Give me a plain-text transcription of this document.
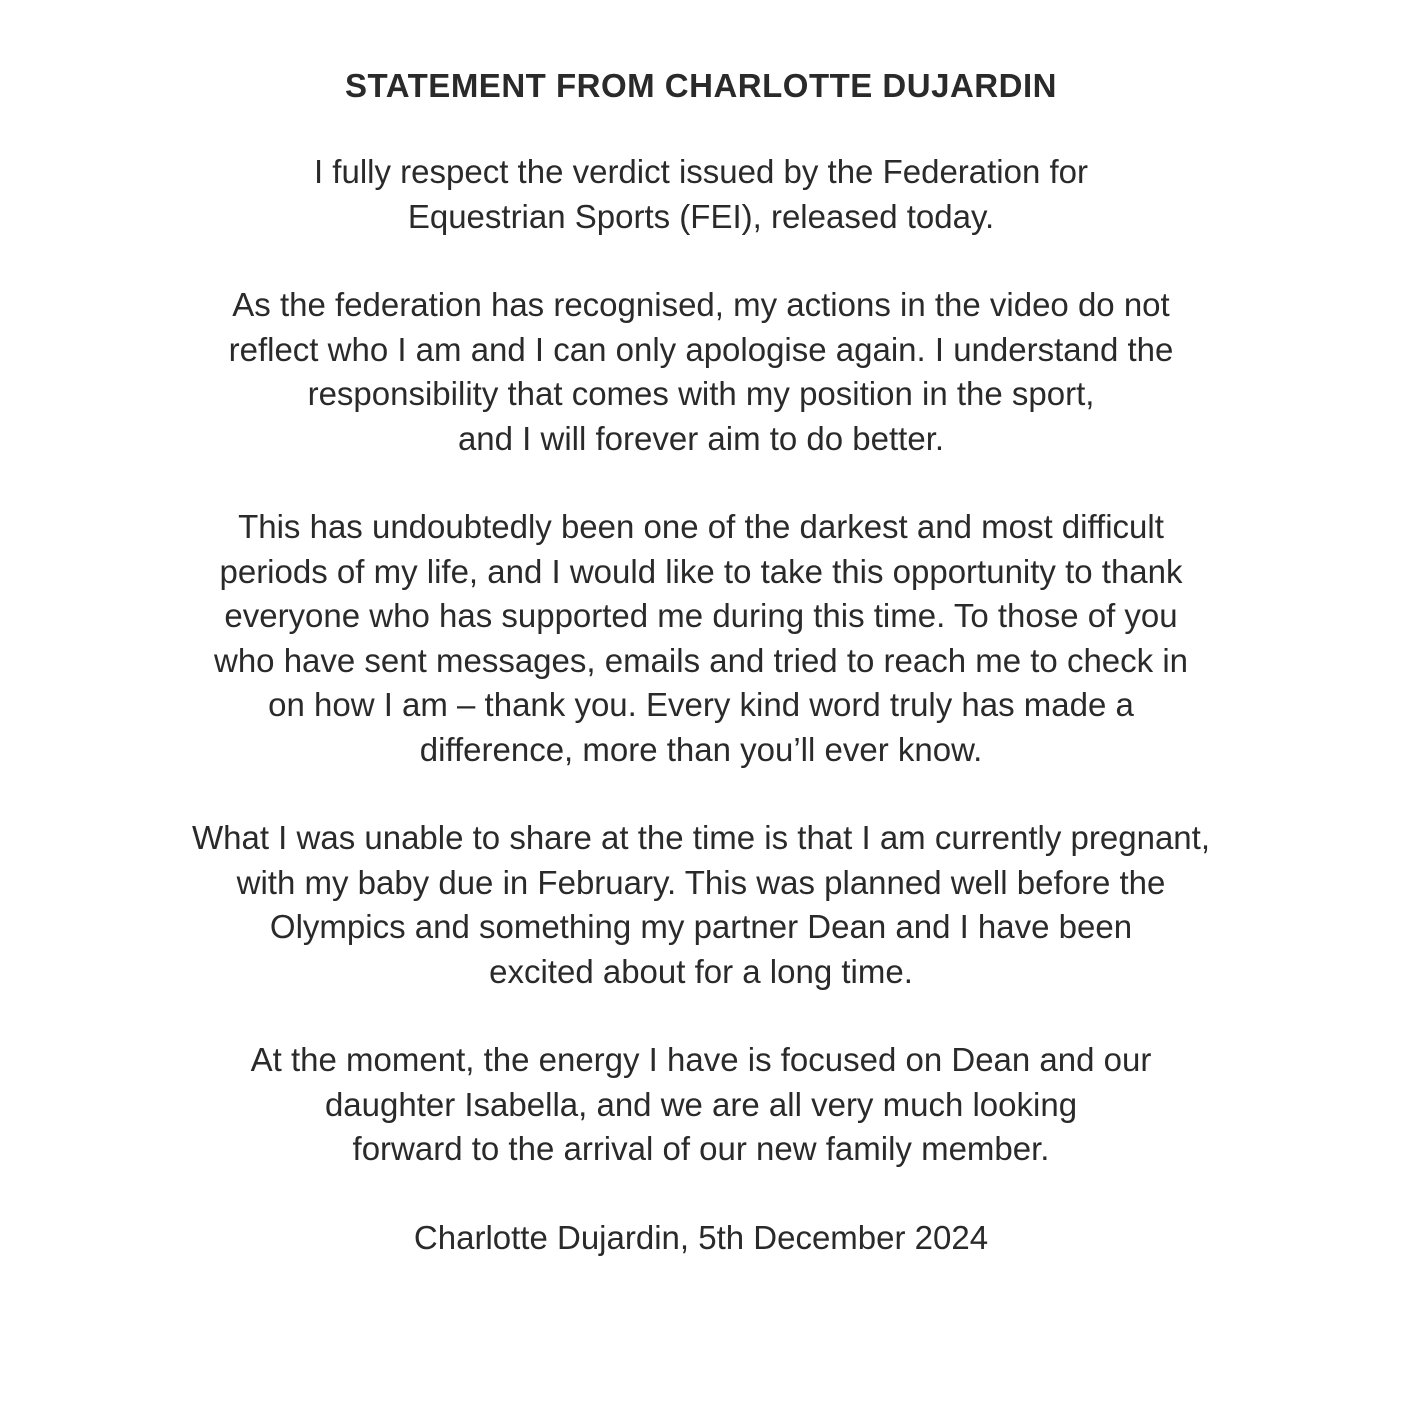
STATEMENT FROM CHARLOTTE DUJARDIN

I fully respect the verdict issued by the Federation for
Equestrian Sports (FEI), released today.

As the federation has recognised, my actions in the video do not
reflect who I am and I can only apologise again. I understand the
responsibility that comes with my position in the sport,
and I will forever aim to do better.

This has undoubtedly been one of the darkest and most difficult
periods of my life, and I would like to take this opportunity to thank
everyone who has supported me during this time. To those of you
who have sent messages, emails and tried to reach me to check in
on how I am – thank you. Every kind word truly has made a
difference, more than you’ll ever know.

What I was unable to share at the time is that I am currently pregnant,
with my baby due in February. This was planned well before the
Olympics and something my partner Dean and I have been
excited about for a long time.

At the moment, the energy I have is focused on Dean and our
daughter Isabella, and we are all very much looking
forward to the arrival of our new family member.

Charlotte Dujardin, 5th December 2024
